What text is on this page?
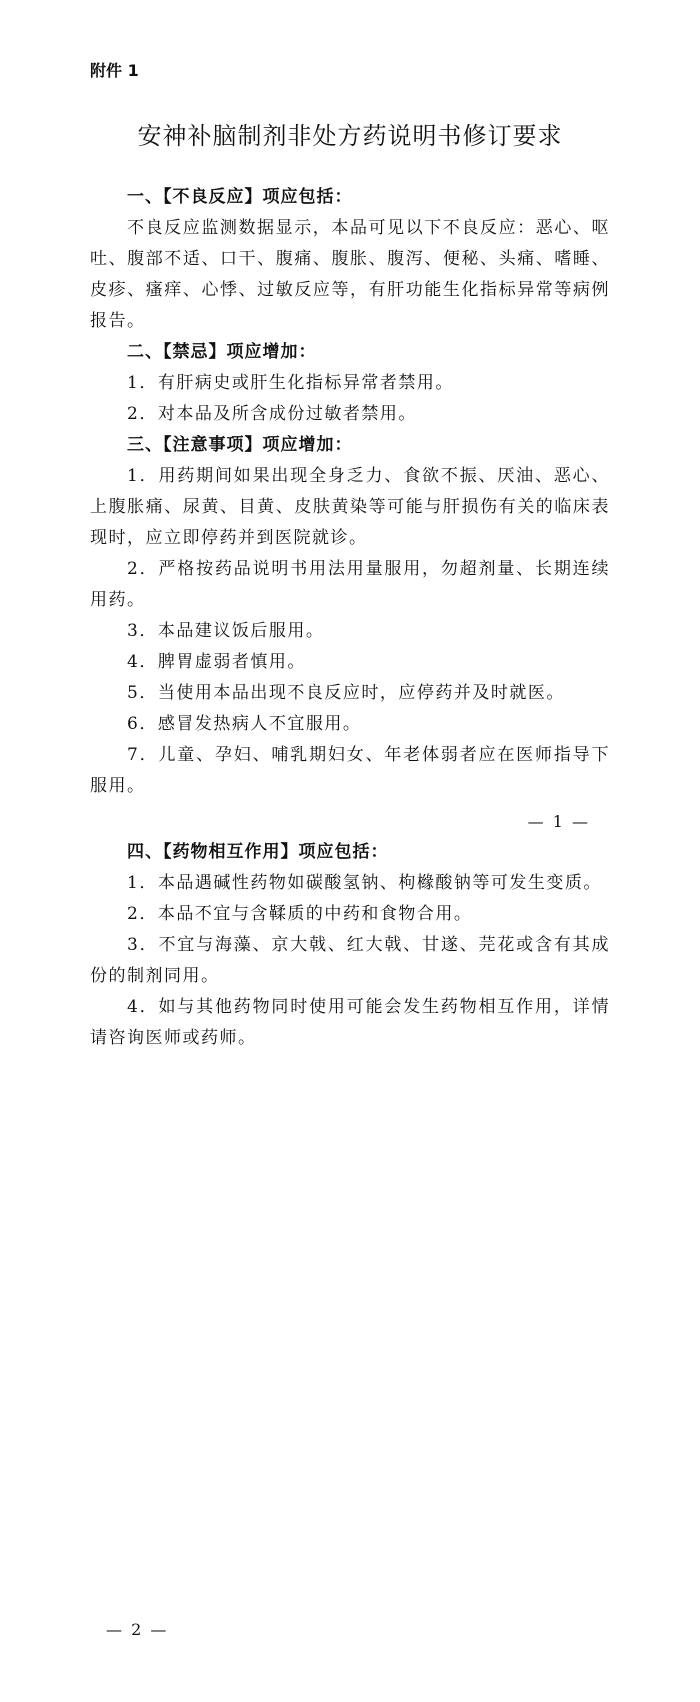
附件 1
安神补脑制剂非处方药说明书修订要求

一、【不良反应】项应包括：

不良反应监测数据显示，本品可见以下不良反应：恶心、呕吐、腹部不适、口干、腹痛、腹胀、腹泻、便秘、头痛、嗜睡、皮疹、瘙痒、心悸、过敏反应等，有肝功能生化指标异常等病例报告。

二、【禁忌】项应增加：

1．有肝病史或肝生化指标异常者禁用。

2．对本品及所含成份过敏者禁用。

三、【注意事项】项应增加：

1．用药期间如果出现全身乏力、食欲不振、厌油、恶心、上腹胀痛、尿黄、目黄、皮肤黄染等可能与肝损伤有关的临床表现时，应立即停药并到医院就诊。

2．严格按药品说明书用法用量服用，勿超剂量、长期连续用药。

3．本品建议饭后服用。

4．脾胃虚弱者慎用。

5．当使用本品出现不良反应时，应停药并及时就医。

6．感冒发热病人不宜服用。

7．儿童、孕妇、哺乳期妇女、年老体弱者应在医师指导下服用。

— 1 —

四、【药物相互作用】项应包括：

1．本品遇碱性药物如碳酸氢钠、枸橼酸钠等可发生变质。

2．本品不宜与含鞣质的中药和食物合用。

3．不宜与海藻、京大戟、红大戟、甘遂、芫花或含有其成份的制剂同用。

4．如与其他药物同时使用可能会发生药物相互作用，详情请咨询医师或药师。

— 2 —
